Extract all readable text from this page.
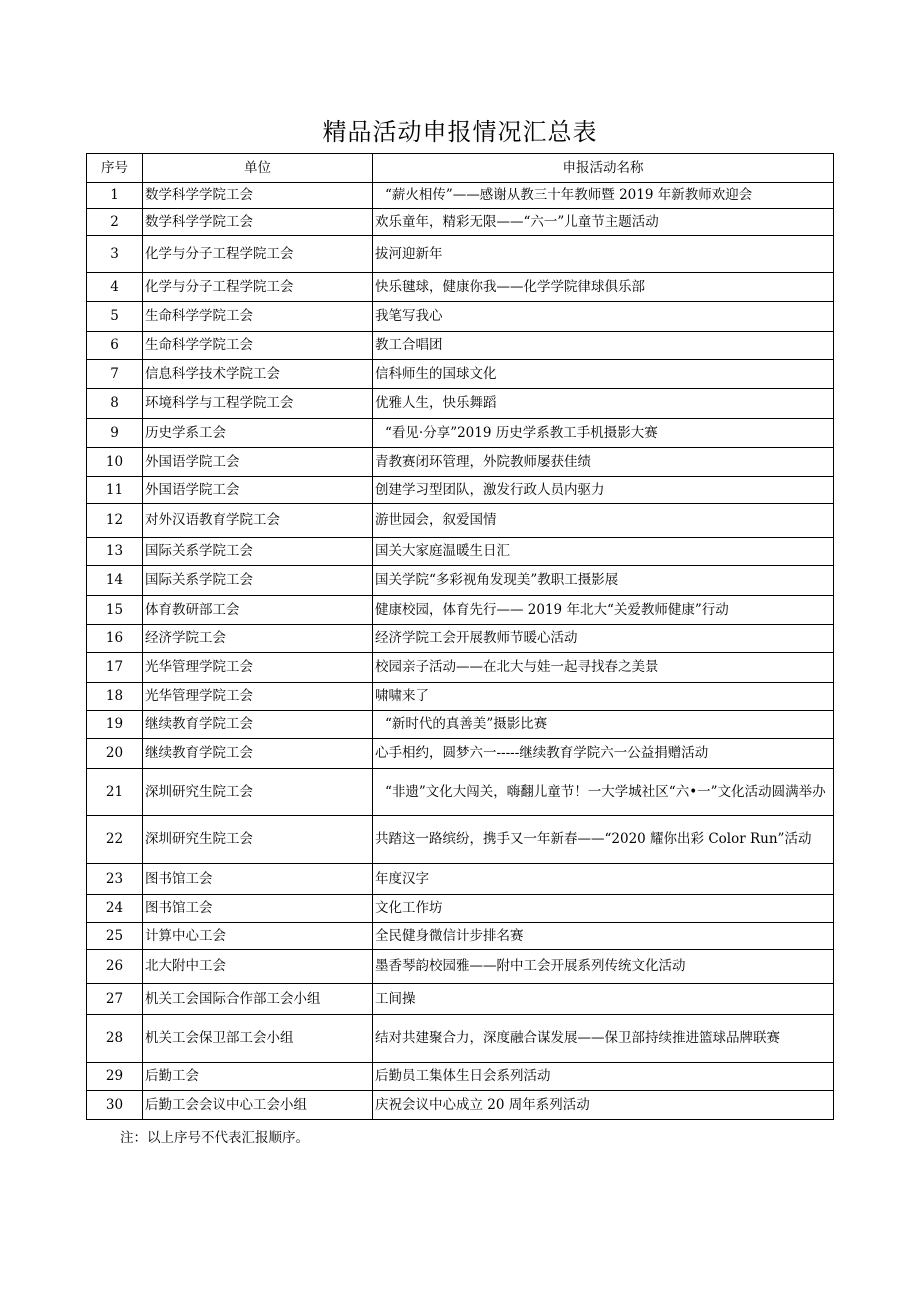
精品活动申报情况汇总表
序号	单位	申报活动名称
1	数学科学学院工会	“薪火相传”——感谢从教三十年教师暨 2019 年新教师欢迎会
2	数学科学学院工会	欢乐童年，精彩无限——“六一”儿童节主题活动
3	化学与分子工程学院工会	拔河迎新年
4	化学与分子工程学院工会	快乐毽球，健康你我——化学学院律球俱乐部
5	生命科学学院工会	我笔写我心
6	生命科学学院工会	教工合唱团
7	信息科学技术学院工会	信科师生的国球文化
8	环境科学与工程学院工会	优雅人生，快乐舞蹈
9	历史学系工会	“看见·分享”2019 历史学系教工手机摄影大赛
10	外国语学院工会	青教赛闭环管理，外院教师屡获佳绩
11	外国语学院工会	创建学习型团队，激发行政人员内驱力
12	对外汉语教育学院工会	游世园会，叙爱国情
13	国际关系学院工会	国关大家庭温暖生日汇
14	国际关系学院工会	国关学院“多彩视角发现美”教职工摄影展
15	体育教研部工会	健康校园，体育先行—— 2019 年北大“关爱教师健康”行动
16	经济学院工会	经济学院工会开展教师节暖心活动
17	光华管理学院工会	校园亲子活动——在北大与娃一起寻找春之美景
18	光华管理学院工会	啸啸来了
19	继续教育学院工会	“新时代的真善美”摄影比赛
20	继续教育学院工会	心手相约，圆梦六一-----继续教育学院六一公益捐赠活动
21	深圳研究生院工会	“非遗”文化大闯关，嗨翻儿童节！一大学城社区“六•一”文化活动圆满举办
22	深圳研究生院工会	共踏这一路缤纷，携手又一年新春——“2020 耀你出彩 Color Run”活动
23	图书馆工会	年度汉字
24	图书馆工会	文化工作坊
25	计算中心工会	全民健身微信计步排名赛
26	北大附中工会	墨香琴韵校园雅——附中工会开展系列传统文化活动
27	机关工会国际合作部工会小组	工间操
28	机关工会保卫部工会小组	结对共建聚合力，深度融合谋发展——保卫部持续推进篮球品牌联赛
29	后勤工会	后勤员工集体生日会系列活动
30	后勤工会会议中心工会小组	庆祝会议中心成立 20 周年系列活动
注：以上序号不代表汇报顺序。
